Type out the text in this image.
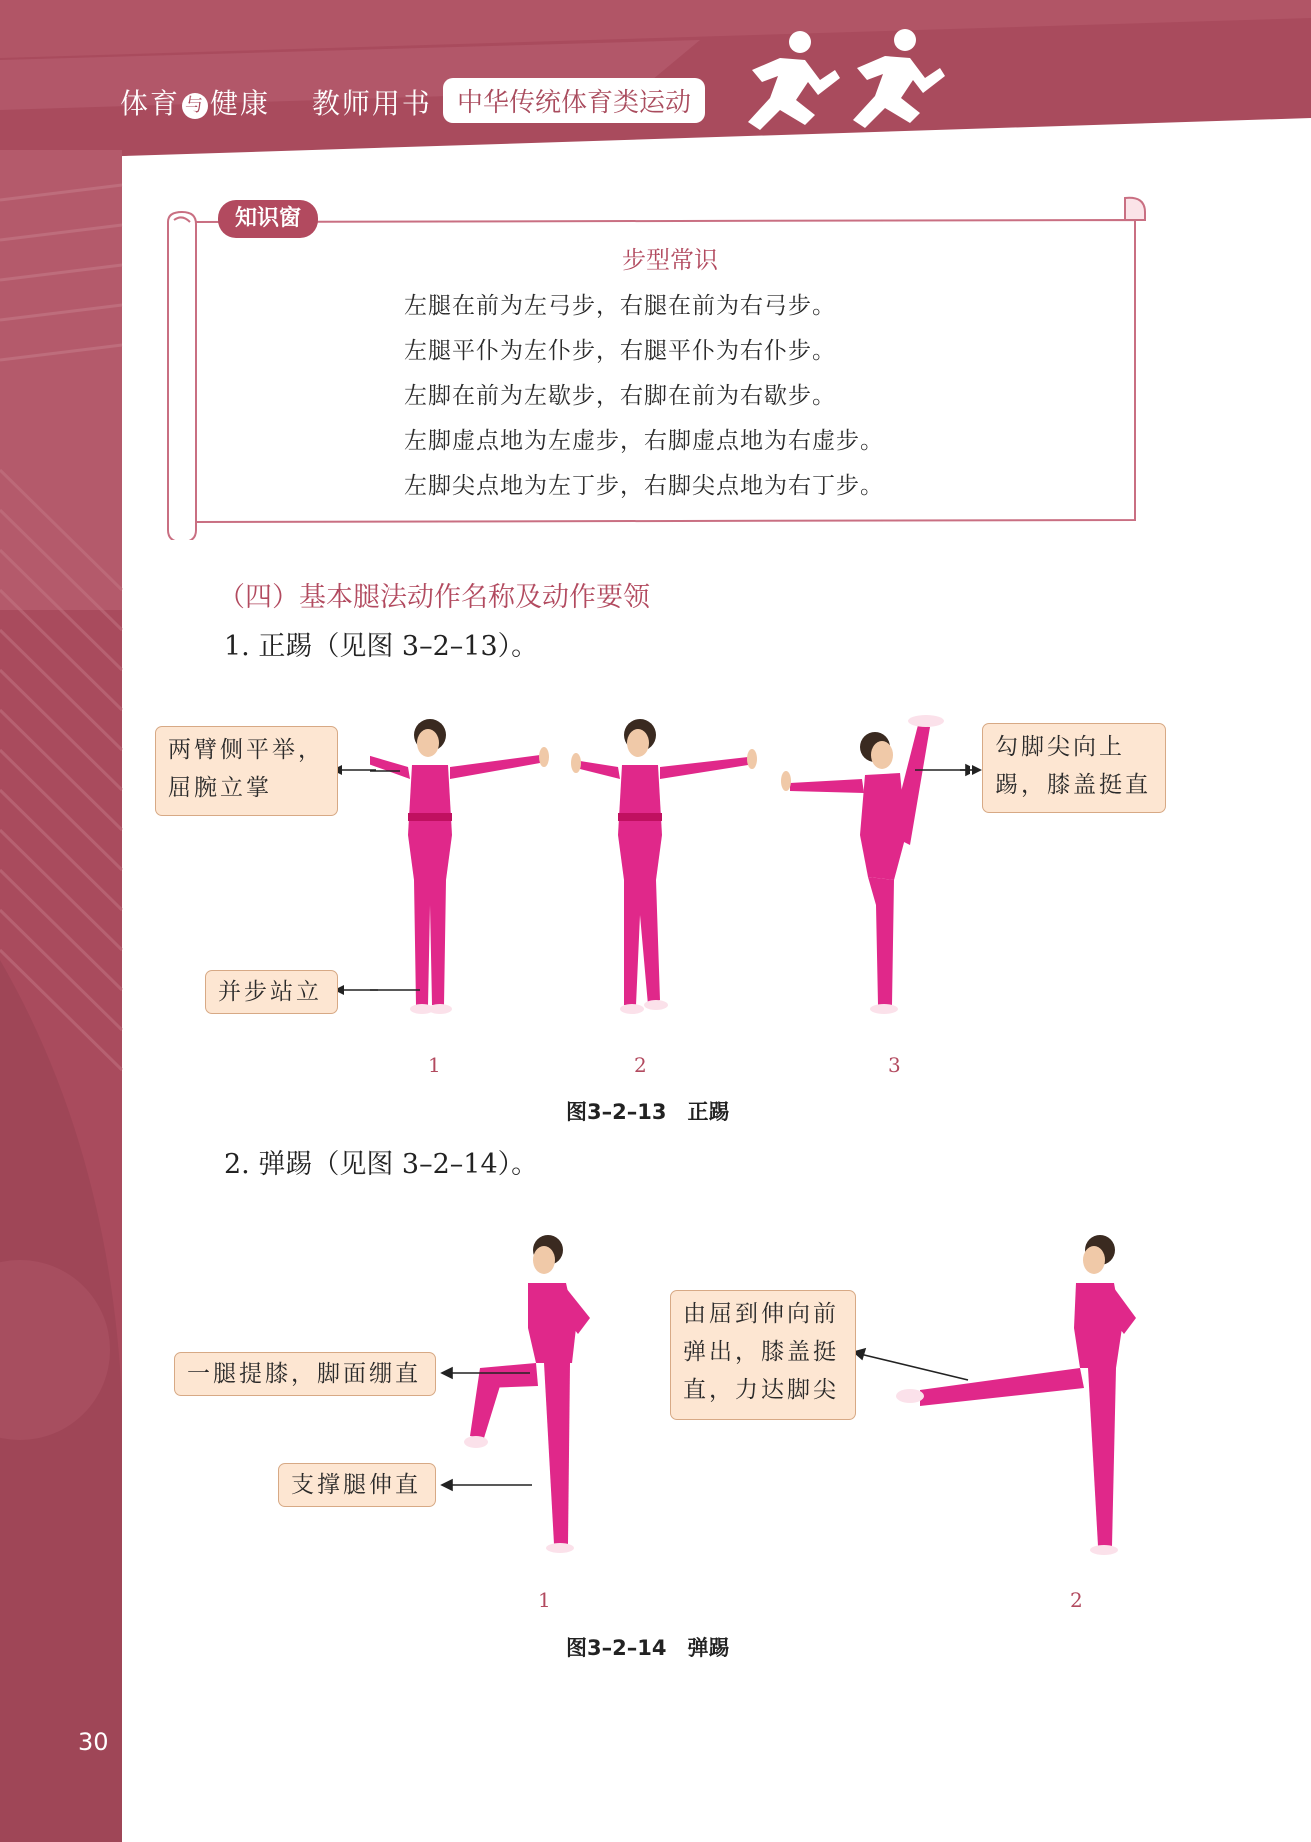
体育 与 健康 教师用书 中华传统体育类运动
知识窗
步型常识
左腿在前为左弓步，右腿在前为右弓步。
左腿平仆为左仆步，右腿平仆为右仆步。
左脚在前为左歇步，右脚在前为右歇步。
左脚虚点地为左虚步，右脚虚点地为右虚步。
左脚尖点地为左丁步，右脚尖点地为右丁步。
（四）基本腿法动作名称及动作要领
1. 正踢（见图 3–2–13）。
两臂侧平举，屈腕立掌
并步站立
勾脚尖向上踢，膝盖挺直
1	2	3
图3–2–13　正踢
2. 弹踢（见图 3–2–14）。
一腿提膝，脚面绷直
支撑腿伸直
由屈到伸向前弹出，膝盖挺直，力达脚尖
1	2
图3–2–14　弹踢
30
